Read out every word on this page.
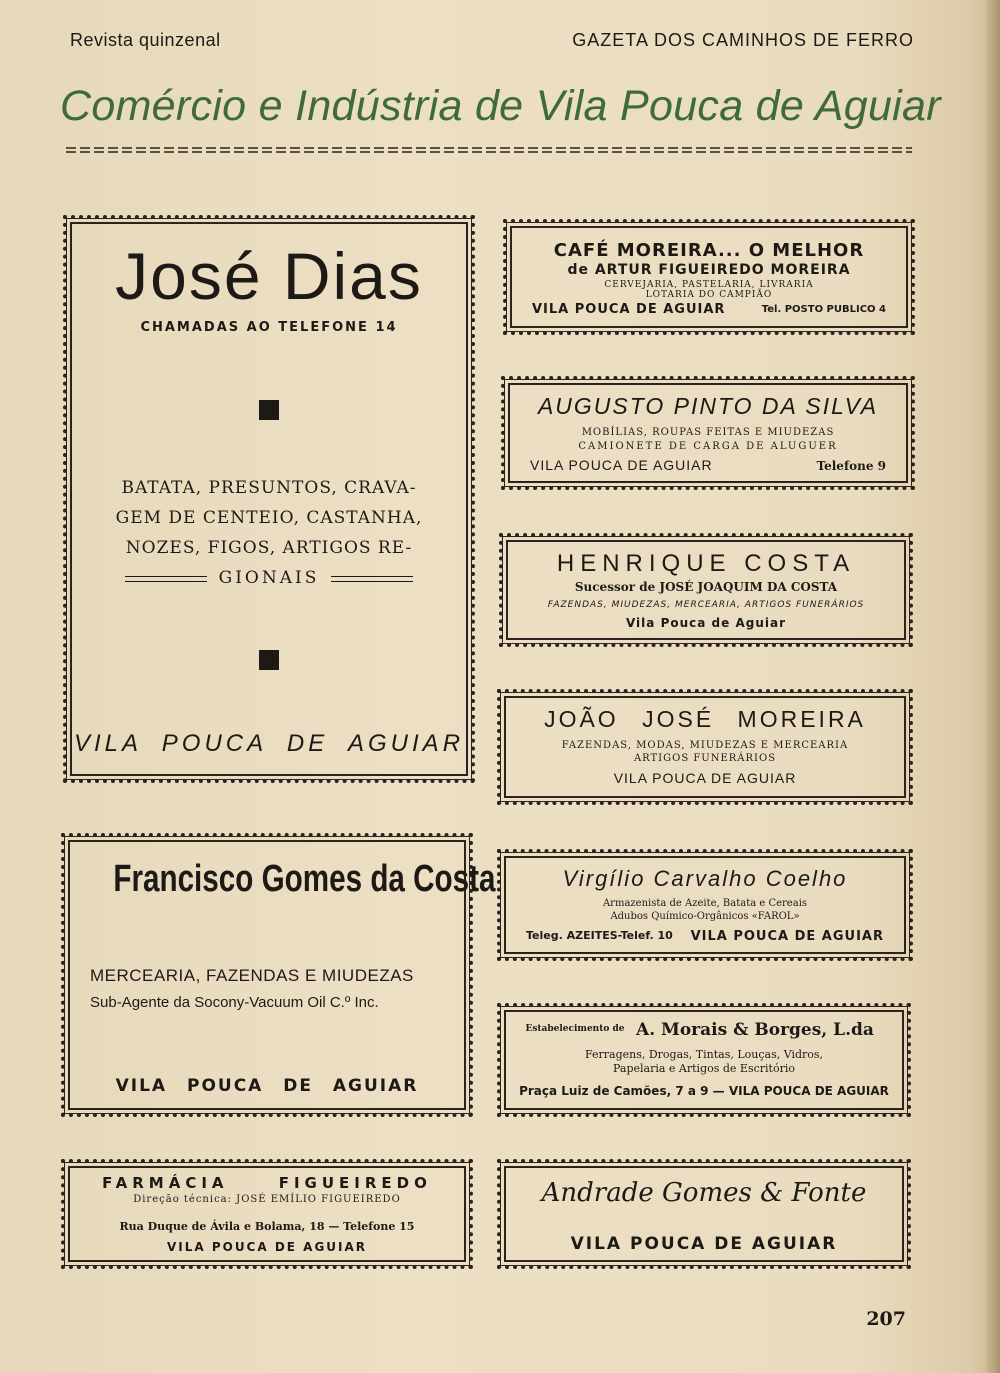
Revista quinzenal	GAZETA DOS CAMINHOS DE FERRO
Comércio e Indústria de Vila Pouca de Aguiar
José Dias
CHAMADAS AO TELEFONE 14
BATATA, PRESUNTOS, CRAVA-
GEM DE CENTEIO, CASTANHA,
NOZES, FIGOS, ARTIGOS RE-
GIONAIS
VILA POUCA DE AGUIAR
CAFÉ MOREIRA... O MELHOR
de ARTUR FIGUEIREDO MOREIRA
CERVEJARIA, PASTELARIA, LIVRARIA
LOTARIA DO CAMPIÃO
VILA POUCA DE AGUIAR	Tel. POSTO PUBLICO 4
AUGUSTO PINTO DA SILVA
MOBÍLIAS, ROUPAS FEITAS E MIUDEZAS
CAMIONETE DE CARGA DE ALUGUER
VILA POUCA DE AGUIAR	Telefone 9
HENRIQUE COSTA
Sucessor de JOSÉ JOAQUIM DA COSTA
FAZENDAS, MIUDEZAS, MERCEARIA, ARTIGOS FUNERÁRIOS
Vila Pouca de Aguiar
JOÃO JOSÉ MOREIRA
FAZENDAS, MODAS, MIUDEZAS E MERCEARIA
ARTIGOS FUNERÁRIOS
VILA POUCA DE AGUIAR
Francisco Gomes da Costa
MERCEARIA, FAZENDAS E MIUDEZAS
Sub-Agente da Socony-Vacuum Oil C.º Inc.
VILA POUCA DE AGUIAR
Virgílio Carvalho Coelho
Armazenista de Azeite, Batata e Cereais
Adubos Químico-Orgânicos «FAROL»
Teleg. AZEITES-Telef. 10 VILA POUCA DE AGUIAR
Estabelecimento de A. Morais & Borges, L.da
Ferragens, Drogas, Tintas, Louças, Vidros,
Papelaria e Artigos de Escritório
Praça Luiz de Camões, 7 a 9 — VILA POUCA DE AGUIAR
FARMÁCIA FIGUEIREDO
Direção técnica: JOSÉ EMÍLIO FIGUEIREDO
Rua Duque de Ávila e Bolama, 18 — Telefone 15
VILA POUCA DE AGUIAR
Andrade Gomes & Fonte
VILA POUCA DE AGUIAR
207
